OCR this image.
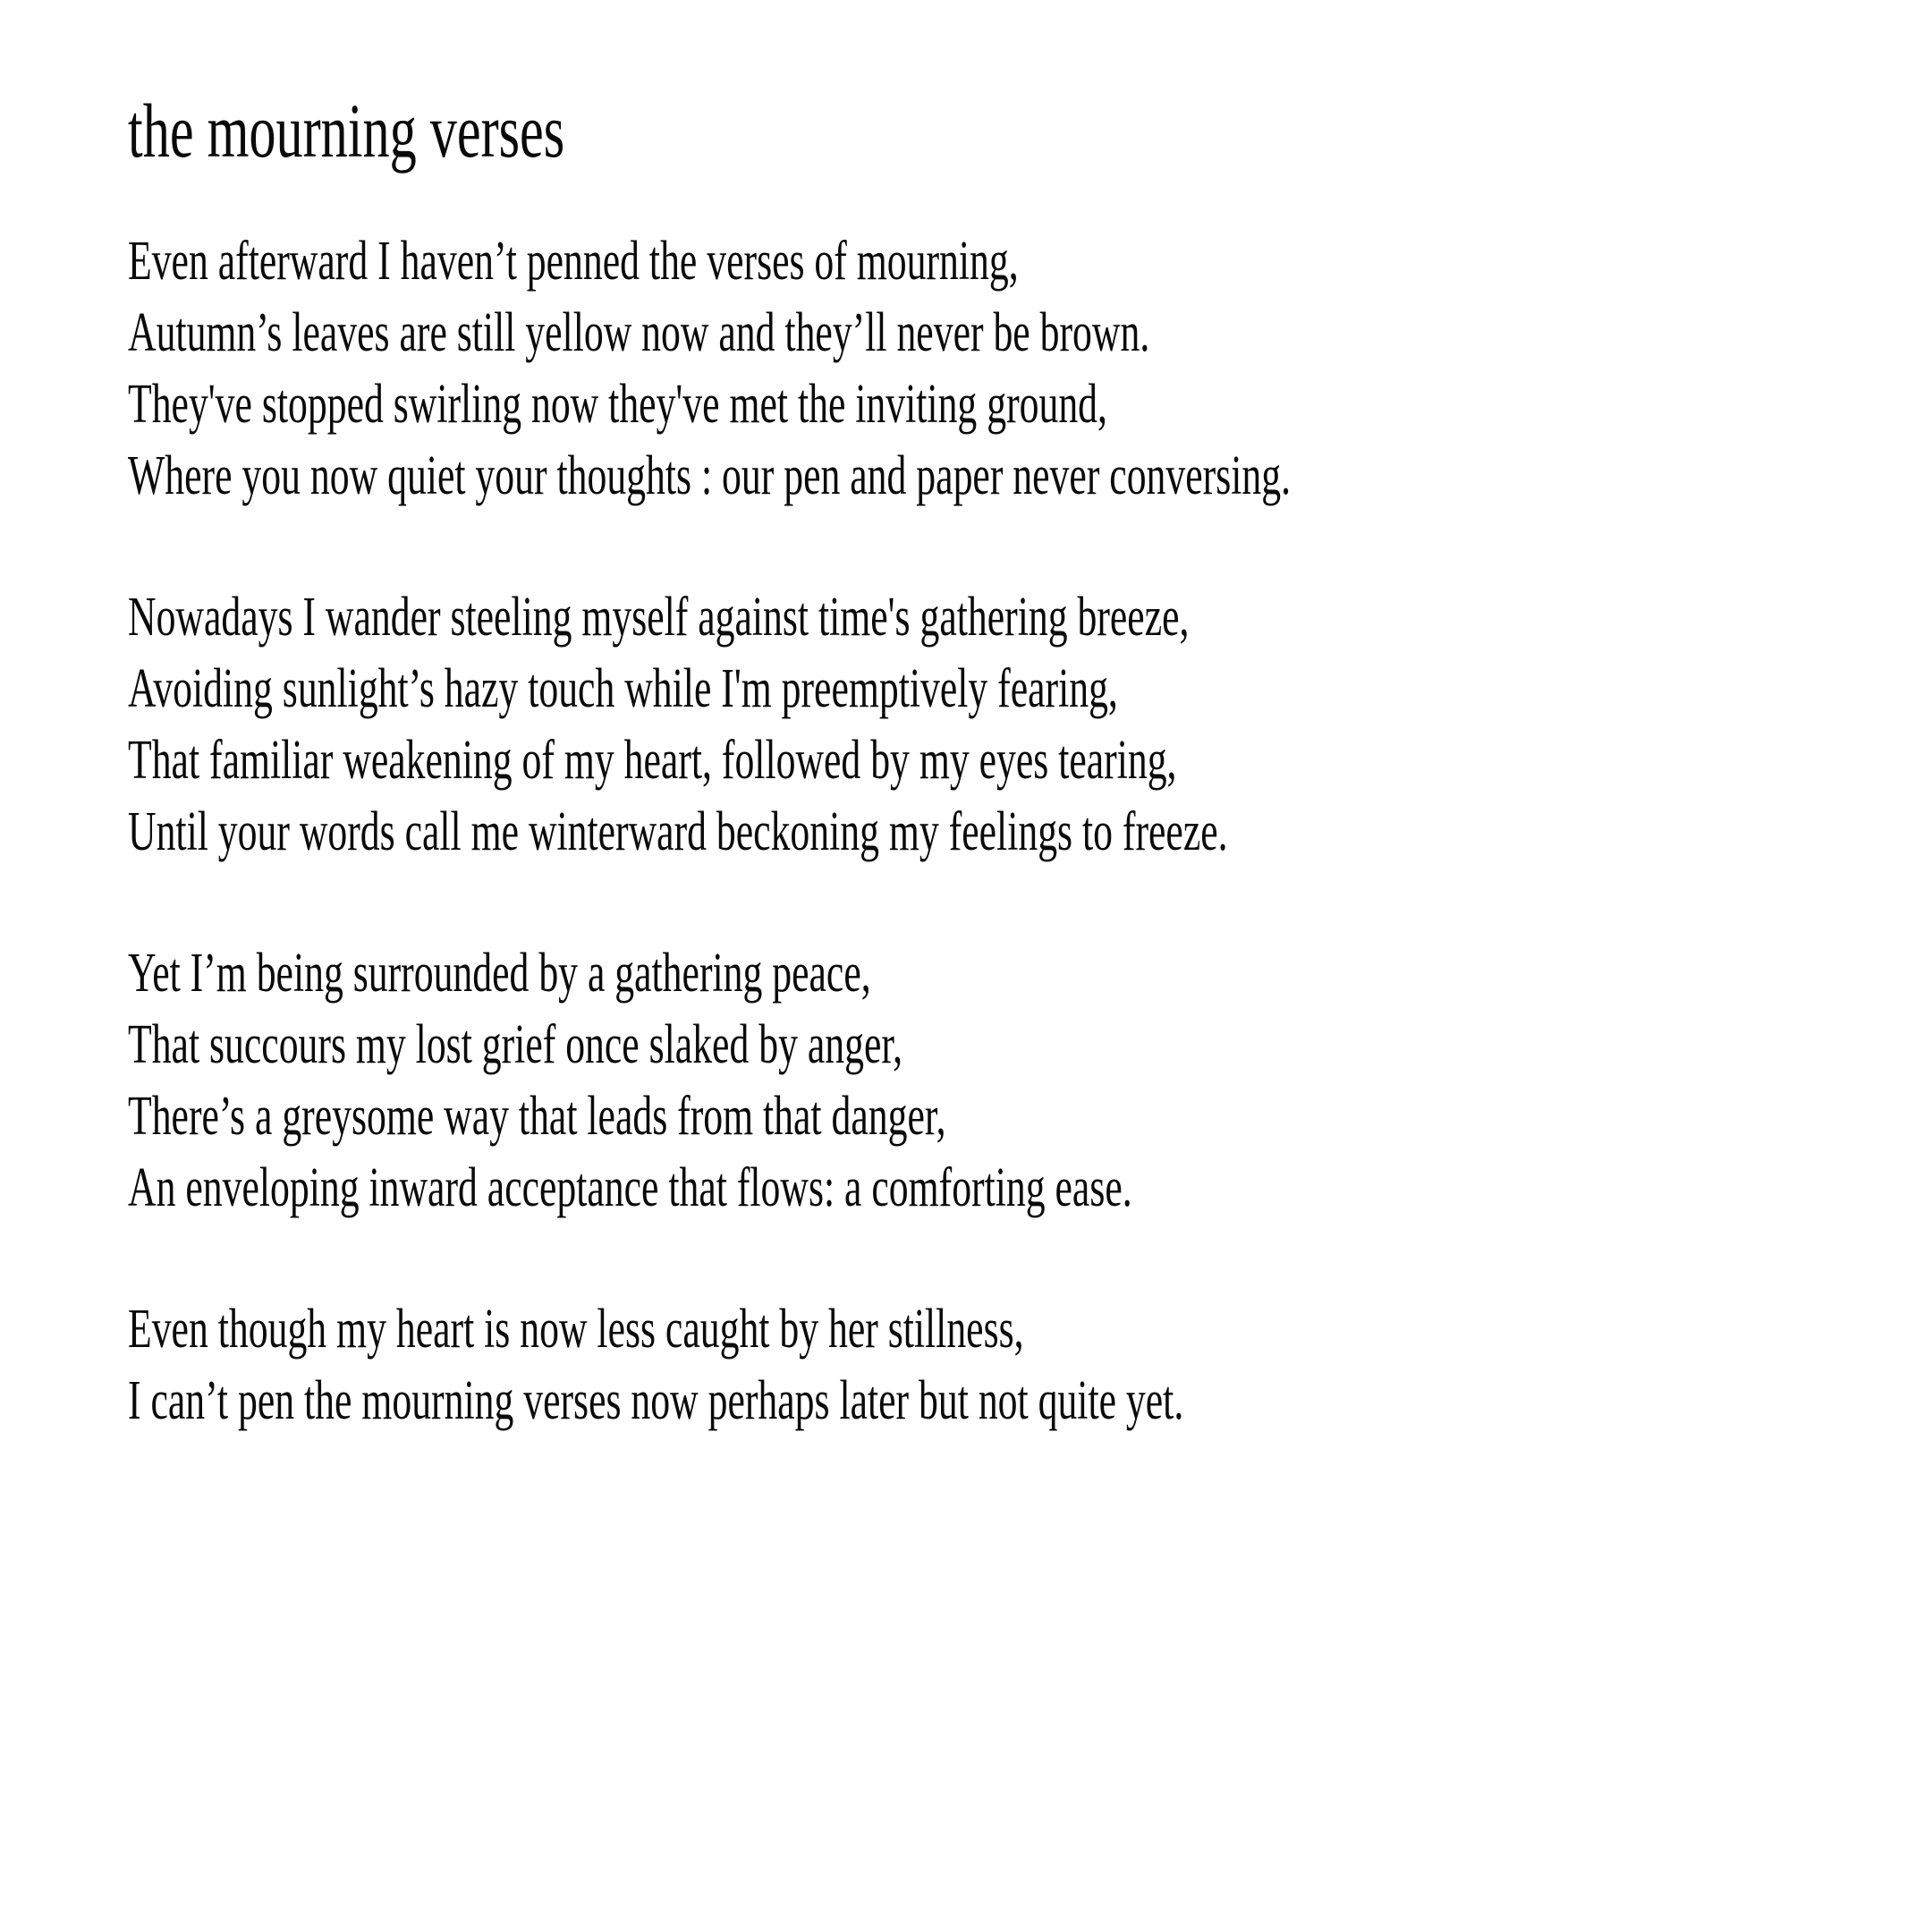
the mourning verses
Even afterward I haven’t penned the verses of mourning,
Autumn’s leaves are still yellow now and they’ll never be brown.
They've stopped swirling now they've met the inviting ground,
Where you now quiet your thoughts : our pen and paper never conversing.
Nowadays I wander steeling myself against time's gathering breeze,
Avoiding sunlight’s hazy touch while I'm preemptively fearing,
That familiar weakening of my heart, followed by my eyes tearing,
Until your words call me winterward beckoning my feelings to freeze.
Yet I’m being surrounded by a gathering peace,
That succours my lost grief once slaked by anger,
There’s a greysome way that leads from that danger,
An enveloping inward acceptance that flows: a comforting ease.
Even though my heart is now less caught by her stillness,
I can’t pen the mourning verses now perhaps later but not quite yet.
